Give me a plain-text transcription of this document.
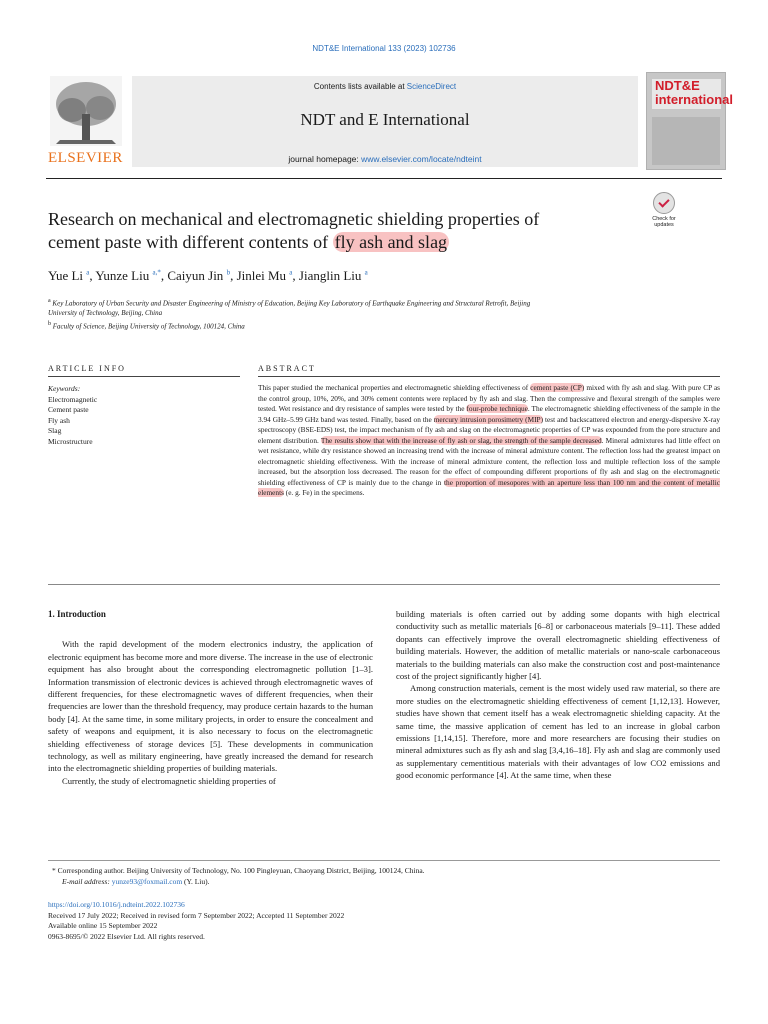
NDT&E International 133 (2023) 102736
ELSEVIER
Contents lists available at ScienceDirect
NDT and E International
journal homepage: www.elsevier.com/locate/ndteint
NDT&E international
Research on mechanical and electromagnetic shielding properties of
cement paste with different contents of fly ash and slag
Check for
updates
Yue Li $^a$, Yunze Liu $^{a,*}$, Caiyun Jin $^b$, Jinlei Mu $^a$, Jianglin Liu $^a$
$^a$ Key Laboratory of Urban Security and Disaster Engineering of Ministry of Education, Beijing Key Laboratory of Earthquake Engineering and Structural Retrofit, Beijing
University of Technology, Beijing, China
$^b$ Faculty of Science, Beijing University of Technology, 100124, China
ARTICLE INFO	ABSTRACT
Keywords:
Electromagnetic
Cement paste
Fly ash
Slag
Microstructure
This paper studied the mechanical properties and electromagnetic shielding effectiveness of cement paste (CP) mixed with fly ash and slag. With pure CP as the control group, 10%, 20%, and 30% cement contents were replaced by fly ash and slag. Then the compressive and flexural strength of the samples were tested. Wet resistance and dry resistance of samples were tested by the four-probe technique. The electromagnetic shielding effectiveness of the sample in the 3.94 GHz–5.99 GHz band was tested. Finally, based on the mercury intrusion porosimetry (MIP) test and backscattered electron and energy-dispersive X-ray spectroscopy (BSE-EDS) test, the impact mechanism of fly ash and slag on the electromagnetic properties of CP was expounded from the pore structure and element distribution. The results show that with the increase of fly ash or slag, the strength of the sample decreased. Mineral admixtures had little effect on wet resistance, while dry resistance showed an increasing trend with the increase of mineral admixture content. The reflection loss had the greatest impact on electromagnetic shielding effectiveness. With the increase of mineral admixture content, the reflection loss and multiple reflection loss of the sample increased, but the absorption loss decreased. The reason for the effect of compounding different proportions of fly ash and slag on the electromagnetic shielding effectiveness of CP is mainly due to the change in the proportion of mesopores with an aperture less than 100 nm and the content of metallic elements (e. g. Fe) in the specimens.
1. Introduction

With the rapid development of the modern electronics industry, the application of electronic equipment has become more and more diverse. The increase in the use of electronic equipment has also brought about the corresponding electromagnetic pollution [1–3]. Information transmission of electronic devices is achieved through electromagnetic waves of different frequencies, for these electromagnetic waves of different frequencies, when their frequencies are lower than the threshold frequency, may produce certain hazards to the human body [4]. At the same time, in some military projects, in order to ensure the concealment and safety of weapons and equipment, it is also necessary to focus on the electromagnetic shielding effectiveness of storage devices [5]. These developments in communication technology, as well as military engineering, have greatly increased the demand for research into the electromagnetic shielding properties of building materials.

Currently, the study of electromagnetic shielding properties of

building materials is often carried out by adding some dopants with high electrical conductivity such as metallic materials [6–8] or carbonaceous materials [9–11]. These added dopants can effectively improve the overall electromagnetic shielding effectiveness of building materials. However, the addition of metallic materials or nano-scale carbonaceous materials to the building materials can also make the construction cost and post-maintenance cost of the project significantly higher [4].

Among construction materials, cement is the most widely used raw material, so there are more studies on the electromagnetic shielding effectiveness of cement [1,12,13]. However, studies have shown that cement itself has a weak electromagnetic shielding capacity. At the same time, the massive application of cement has led to an increase in global carbon emissions [1,14,15]. Therefore, more and more researchers are focusing their studies on mineral admixtures such as fly ash and slag [3,4,16–18]. Fly ash and slag are commonly used as supplementary cementitious materials with their advantages of low CO2 emissions and good economic performance [4]. At the same time, when these

* Corresponding author. Beijing University of Technology, No. 100 Pingleyuan, Chaoyang District, Beijing, 100124, China.
E-mail address: yunze93@foxmail.com (Y. Liu).
https://doi.org/10.1016/j.ndteint.2022.102736
Received 17 July 2022; Received in revised form 7 September 2022; Accepted 11 September 2022
Available online 15 September 2022
0963-8695/© 2022 Elsevier Ltd. All rights reserved.
